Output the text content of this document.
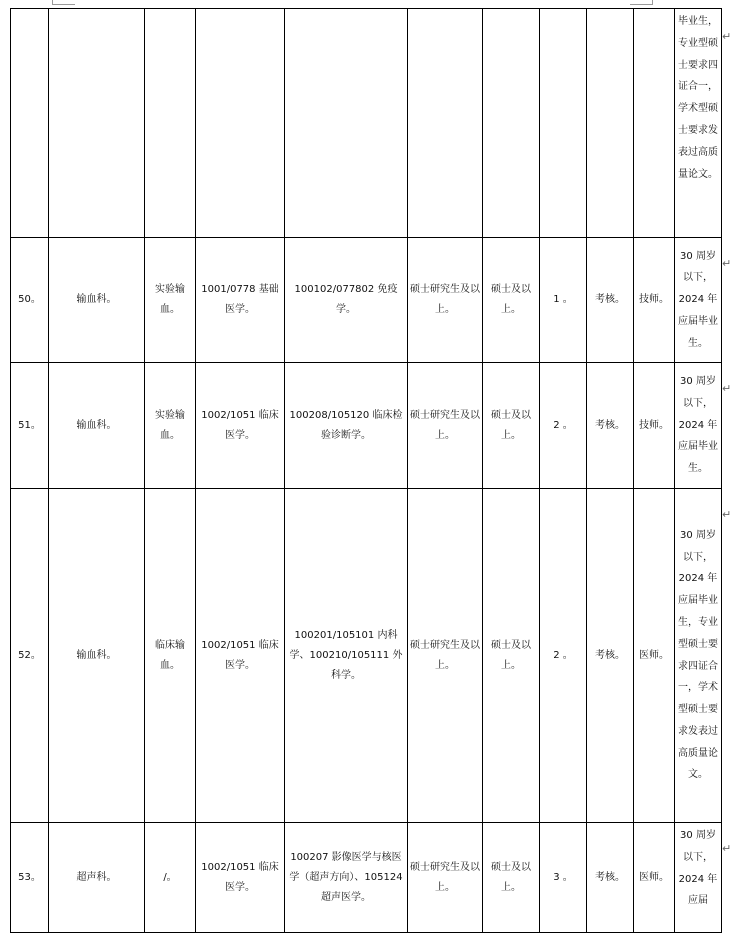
										毕业生，专业型硕士要求四证合一，学术型硕士要求发表过高质量论文。
50。	输血科。	实验输血。	1001/0778 基础医学。	100102/077802 免疫学。	硕士研究生及以上。	硕士及以上。	1 。	考核。	技师。	30 周岁以下，2024 年应届毕业生。
51。	输血科。	实验输血。	1002/1051 临床医学。	100208/105120 临床检验诊断学。	硕士研究生及以上。	硕士及以上。	2 。	考核。	技师。	30 周岁以下，2024 年应届毕业生。
52。	输血科。	临床输血。	1002/1051 临床医学。	100201/105101 内科学、100210/105111 外科学。	硕士研究生及以上。	硕士及以上。	2 。	考核。	医师。	30 周岁以下，2024 年应届毕业生，专业型硕士要求四证合一，学术型硕士要求发表过高质量论文。
53。	超声科。	/。	1002/1051 临床医学。	100207 影像医学与核医学（超声方向）、105124 超声医学。	硕士研究生及以上。	硕士及以上。	3 。	考核。	医师。	30 周岁以下，2024 年应届
↵
↵
↵
↵
↵
